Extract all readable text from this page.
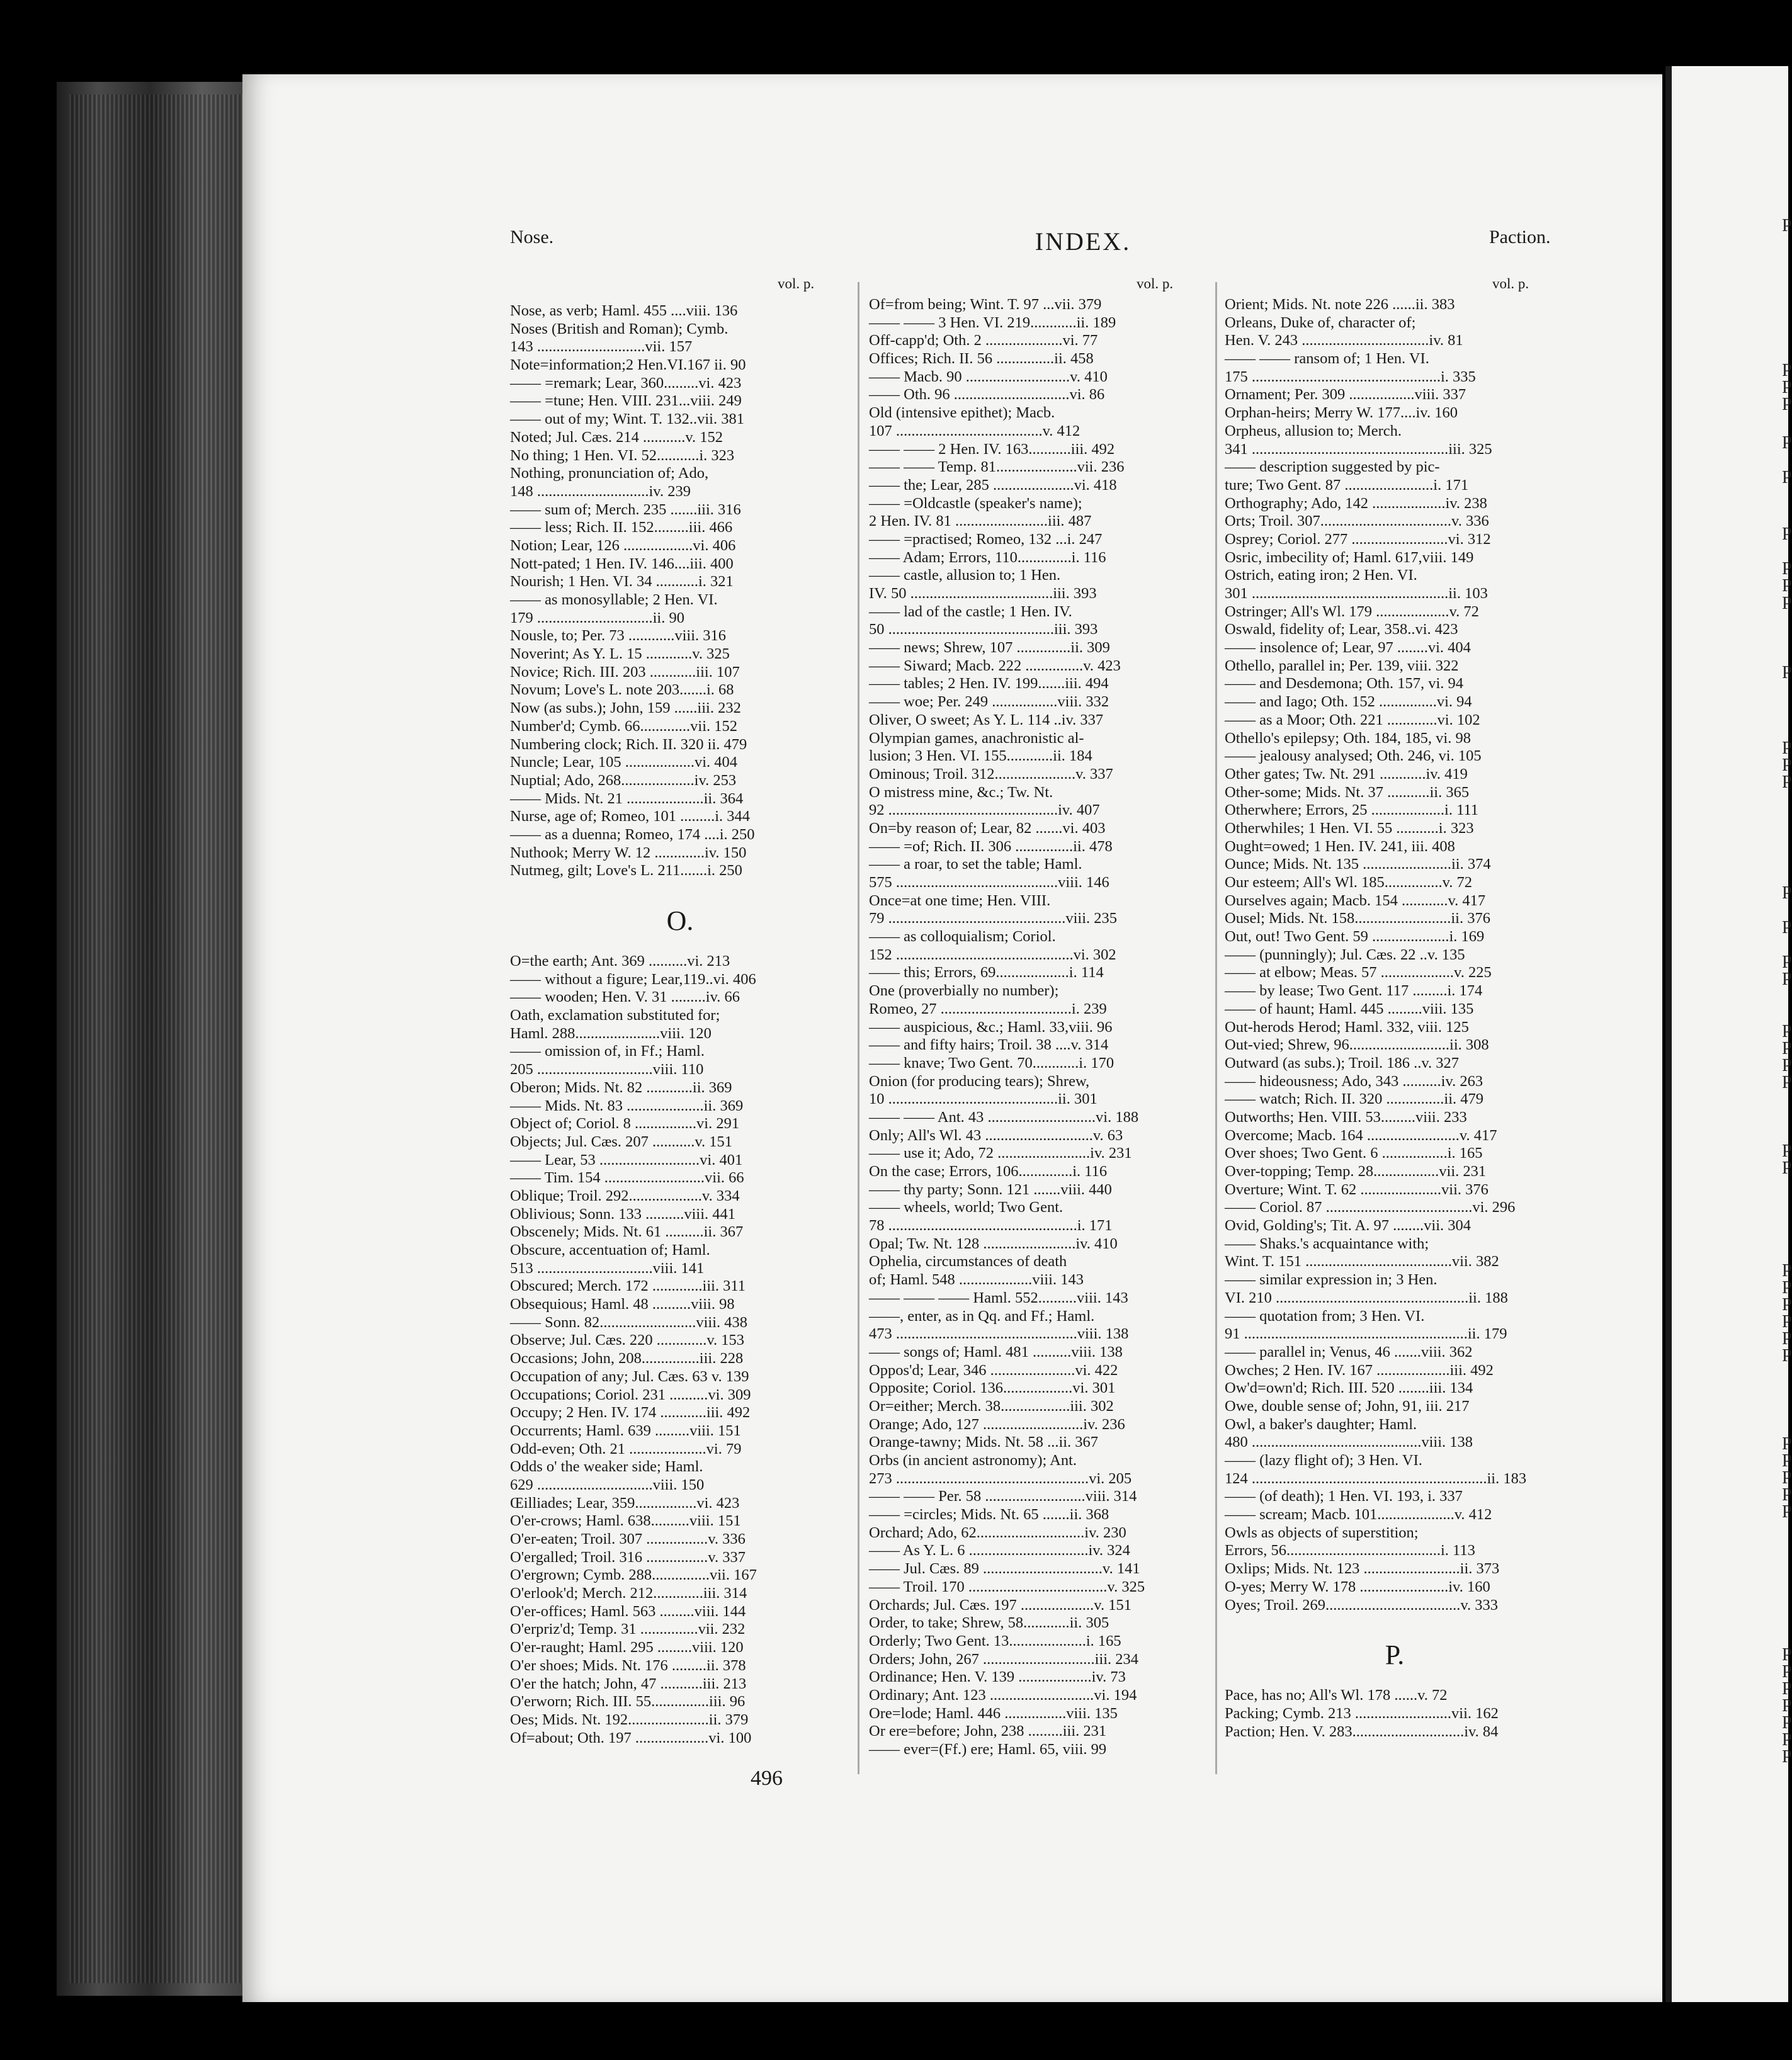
P
P
P
P
P
P
P
P
P
P
P
P
P
P
P
P
P
P
P
P
P
P
P
P
P
P
P
P
P
P
P
P
P
P
P
P
P
P
P
P
P
P
Nose.	INDEX.	Paction.
vol. p.	vol. p.	vol. p.
Nose, as verb; Haml. 455 ....viii. 136
Noses (British and Roman); Cymb.
143 ............................vii. 157
Note=information;2 Hen.VI.167 ii. 90
—— =remark; Lear, 360.........vi. 423
—— =tune; Hen. VIII. 231...viii. 249
—— out of my; Wint. T. 132..vii. 381
Noted; Jul. Cæs. 214 ...........v. 152
No thing; 1 Hen. VI. 52...........i. 323
Nothing, pronunciation of; Ado,
148 .............................iv. 239
—— sum of; Merch. 235 .......iii. 316
—— less; Rich. II. 152.........iii. 466
Notion; Lear, 126 ..................vi. 406
Nott-pated; 1 Hen. IV. 146....iii. 400
Nourish; 1 Hen. VI. 34 ...........i. 321
—— as monosyllable; 2 Hen. VI.
179 ..............................ii. 90
Nousle, to; Per. 73 ............viii. 316
Noverint; As Y. L. 15 ............v. 325
Novice; Rich. III. 203 ............iii. 107
Novum; Love's L. note 203.......i. 68
Now (as subs.); John, 159 ......iii. 232
Number'd; Cymb. 66.............vii. 152
Numbering clock; Rich. II. 320 ii. 479
Nuncle; Lear, 105 ..................vi. 404
Nuptial; Ado, 268...................iv. 253
—— Mids. Nt. 21 ....................ii. 364
Nurse, age of; Romeo, 101 .........i. 344
—— as a duenna; Romeo, 174 ....i. 250
Nuthook; Merry W. 12 .............iv. 150
Nutmeg, gilt; Love's L. 211.......i. 250
O.
O=the earth; Ant. 369 ..........vi. 213
—— without a figure; Lear,119..vi. 406
—— wooden; Hen. V. 31 .........iv. 66
Oath, exclamation substituted for;
Haml. 288......................viii. 120
—— omission of, in Ff.; Haml.
205 ..............................viii. 110
Oberon; Mids. Nt. 82 ............ii. 369
—— Mids. Nt. 83 ....................ii. 369
Object of; Coriol. 8 ................vi. 291
Objects; Jul. Cæs. 207 ...........v. 151
—— Lear, 53 ..........................vi. 401
—— Tim. 154 ..........................vii. 66
Oblique; Troil. 292...................v. 334
Oblivious; Sonn. 133 ..........viii. 441
Obscenely; Mids. Nt. 61 ..........ii. 367
Obscure, accentuation of; Haml.
513 ..............................viii. 141
Obscured; Merch. 172 .............iii. 311
Obsequious; Haml. 48 ..........viii. 98
—— Sonn. 82.........................viii. 438
Observe; Jul. Cæs. 220 .............v. 153
Occasions; John, 208...............iii. 228
Occupation of any; Jul. Cæs. 63 v. 139
Occupations; Coriol. 231 ..........vi. 309
Occupy; 2 Hen. IV. 174 ............iii. 492
Occurrents; Haml. 639 .........viii. 151
Odd-even; Oth. 21 ....................vi. 79
Odds o' the weaker side; Haml.
629 ..............................viii. 150
Œilliades; Lear, 359................vi. 423
O'er-crows; Haml. 638..........viii. 151
O'er-eaten; Troil. 307 ................v. 336
O'ergalled; Troil. 316 ................v. 337
O'ergrown; Cymb. 288...............vii. 167
O'erlook'd; Merch. 212.............iii. 314
O'er-offices; Haml. 563 .........viii. 144
O'erpriz'd; Temp. 31 ...............vii. 232
O'er-raught; Haml. 295 .........viii. 120
O'er shoes; Mids. Nt. 176 .........ii. 378
O'er the hatch; John, 47 ...........iii. 213
O'erworn; Rich. III. 55...............iii. 96
Oes; Mids. Nt. 192.....................ii. 379
Of=about; Oth. 197 ...................vi. 100
Of=from being; Wint. T. 97 ...vii. 379
—— —— 3 Hen. VI. 219............ii. 189
Off-capp'd; Oth. 2 ....................vi. 77
Offices; Rich. II. 56 ...............ii. 458
—— Macb. 90 ...........................v. 410
—— Oth. 96 ..............................vi. 86
Old (intensive epithet); Macb.
107 ......................................v. 412
—— —— 2 Hen. IV. 163...........iii. 492
—— —— Temp. 81.....................vii. 236
—— the; Lear, 285 .....................vi. 418
—— =Oldcastle (speaker's name);
2 Hen. IV. 81 ........................iii. 487
—— =practised; Romeo, 132 ...i. 247
—— Adam; Errors, 110..............i. 116
—— castle, allusion to; 1 Hen.
IV. 50 .....................................iii. 393
—— lad of the castle; 1 Hen. IV.
50 ...........................................iii. 393
—— news; Shrew, 107 ..............ii. 309
—— Siward; Macb. 222 ...............v. 423
—— tables; 2 Hen. IV. 199.......iii. 494
—— woe; Per. 249 .................viii. 332
Oliver, O sweet; As Y. L. 114 ..iv. 337
Olympian games, anachronistic al-
lusion; 3 Hen. VI. 155............ii. 184
Ominous; Troil. 312.....................v. 337
O mistress mine, &c.; Tw. Nt.
92 ............................................iv. 407
On=by reason of; Lear, 82 .......vi. 403
—— =of; Rich. II. 306 ...............ii. 478
—— a roar, to set the table; Haml.
575 ..........................................viii. 146
Once=at one time; Hen. VIII.
79 ..............................................viii. 235
—— as colloquialism; Coriol.
152 ..............................................vi. 302
—— this; Errors, 69...................i. 114
One (proverbially no number);
Romeo, 27 ..................................i. 239
—— auspicious, &c.; Haml. 33,viii. 96
—— and fifty hairs; Troil. 38 ....v. 314
—— knave; Two Gent. 70............i. 170
Onion (for producing tears); Shrew,
10 ............................................ii. 301
—— —— Ant. 43 ............................vi. 188
Only; All's Wl. 43 ............................v. 63
—— use it; Ado, 72 ........................iv. 231
On the case; Errors, 106..............i. 116
—— thy party; Sonn. 121 .......viii. 440
—— wheels, world; Two Gent.
78 .................................................i. 171
Opal; Tw. Nt. 128 ........................iv. 410
Ophelia, circumstances of death
of; Haml. 548 ...................viii. 143
—— —— —— Haml. 552..........viii. 143
——, enter, as in Qq. and Ff.; Haml.
473 ...............................................viii. 138
—— songs of; Haml. 481 ..........viii. 138
Oppos'd; Lear, 346 ......................vi. 422
Opposite; Coriol. 136..................vi. 301
Or=either; Merch. 38..................iii. 302
Orange; Ado, 127 ..........................iv. 236
Orange-tawny; Mids. Nt. 58 ...ii. 367
Orbs (in ancient astronomy); Ant.
273 ..................................................vi. 205
—— —— Per. 58 ..........................viii. 314
—— =circles; Mids. Nt. 65 .......ii. 368
Orchard; Ado, 62............................iv. 230
—— As Y. L. 6 ...............................iv. 324
—— Jul. Cæs. 89 ...............................v. 141
—— Troil. 170 ....................................v. 325
Orchards; Jul. Cæs. 197 ...................v. 151
Order, to take; Shrew, 58............ii. 305
Orderly; Two Gent. 13....................i. 165
Orders; John, 267 .............................iii. 234
Ordinance; Hen. V. 139 ...................iv. 73
Ordinary; Ant. 123 ...........................vi. 194
Ore=lode; Haml. 446 ................viii. 135
Or ere=before; John, 238 .........iii. 231
—— ever=(Ff.) ere; Haml. 65, viii. 99
Orient; Mids. Nt. note 226 ......ii. 383
Orleans, Duke of, character of;
Hen. V. 243 .................................iv. 81
—— —— ransom of; 1 Hen. VI.
175 .................................................i. 335
Ornament; Per. 309 .................viii. 337
Orphan-heirs; Merry W. 177....iv. 160
Orpheus, allusion to; Merch.
341 ...................................................iii. 325
—— description suggested by pic-
ture; Two Gent. 87 .......................i. 171
Orthography; Ado, 142 ...................iv. 238
Orts; Troil. 307..................................v. 336
Osprey; Coriol. 277 .........................vi. 312
Osric, imbecility of; Haml. 617,viii. 149
Ostrich, eating iron; 2 Hen. VI.
301 ...................................................ii. 103
Ostringer; All's Wl. 179 ...................v. 72
Oswald, fidelity of; Lear, 358..vi. 423
—— insolence of; Lear, 97 ........vi. 404
Othello, parallel in; Per. 139, viii. 322
—— and Desdemona; Oth. 157, vi. 94
—— and Iago; Oth. 152 ...............vi. 94
—— as a Moor; Oth. 221 .............vi. 102
Othello's epilepsy; Oth. 184, 185, vi. 98
—— jealousy analysed; Oth. 246, vi. 105
Other gates; Tw. Nt. 291 ............iv. 419
Other-some; Mids. Nt. 37 ...........ii. 365
Otherwhere; Errors, 25 ...................i. 111
Otherwhiles; 1 Hen. VI. 55 ...........i. 323
Ought=owed; 1 Hen. IV. 241, iii. 408
Ounce; Mids. Nt. 135 .......................ii. 374
Our esteem; All's Wl. 185...............v. 72
Ourselves again; Macb. 154 ............v. 417
Ousel; Mids. Nt. 158.........................ii. 376
Out, out! Two Gent. 59 ....................i. 169
—— (punningly); Jul. Cæs. 22 ..v. 135
—— at elbow; Meas. 57 ...................v. 225
—— by lease; Two Gent. 117 .........i. 174
—— of haunt; Haml. 445 .........viii. 135
Out-herods Herod; Haml. 332, viii. 125
Out-vied; Shrew, 96..........................ii. 308
Outward (as subs.); Troil. 186 ..v. 327
—— hideousness; Ado, 343 ..........iv. 263
—— watch; Rich. II. 320 ...............ii. 479
Outworths; Hen. VIII. 53.........viii. 233
Overcome; Macb. 164 ........................v. 417
Over shoes; Two Gent. 6 .................i. 165
Over-topping; Temp. 28.................vii. 231
Overture; Wint. T. 62 .....................vii. 376
—— Coriol. 87 ......................................vi. 296
Ovid, Golding's; Tit. A. 97 ........vii. 304
—— Shaks.'s acquaintance with;
Wint. T. 151 ......................................vii. 382
—— similar expression in; 3 Hen.
VI. 210 ..................................................ii. 188
—— quotation from; 3 Hen. VI.
91 ..........................................................ii. 179
—— parallel in; Venus, 46 .......viii. 362
Owches; 2 Hen. IV. 167 ...................iii. 492
Ow'd=own'd; Rich. III. 520 ........iii. 134
Owe, double sense of; John, 91, iii. 217
Owl, a baker's daughter; Haml.
480 ............................................viii. 138
—— (lazy flight of); 3 Hen. VI.
124 .............................................................ii. 183
—— (of death); 1 Hen. VI. 193, i. 337
—— scream; Macb. 101....................v. 412
Owls as objects of superstition;
Errors, 56........................................i. 113
Oxlips; Mids. Nt. 123 .........................ii. 373
O-yes; Merry W. 178 .......................iv. 160
Oyes; Troil. 269...................................v. 333
P.
Pace, has no; All's Wl. 178 ......v. 72
Packing; Cymb. 213 .........................vii. 162
Paction; Hen. V. 283.............................iv. 84
496
